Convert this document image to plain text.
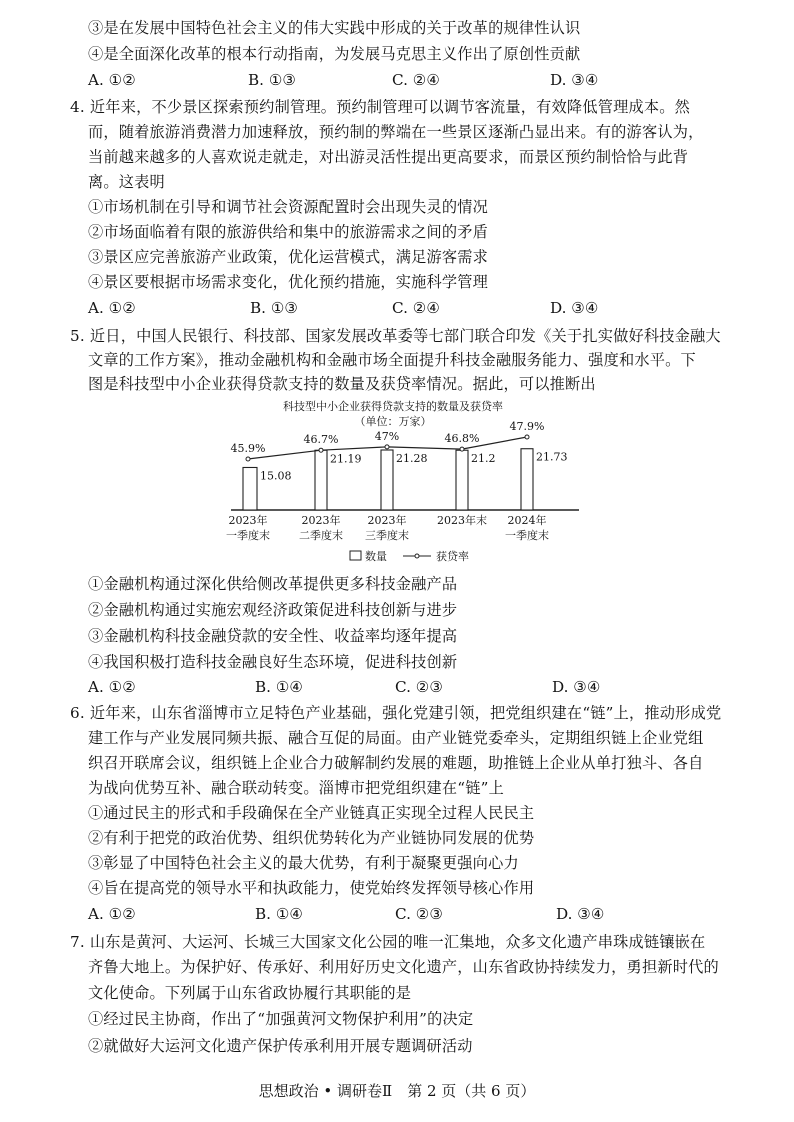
③是在发展中国特色社会主义的伟大实践中形成的关于改革的规律性认识
④是全面深化改革的根本行动指南，为发展马克思主义作出了原创性贡献
A. ①②	B. ①③	C. ②④	D. ③④
4. 近年来，不少景区探索预约制管理。预约制管理可以调节客流量，有效降低管理成本。然
而，随着旅游消费潜力加速释放，预约制的弊端在一些景区逐渐凸显出来。有的游客认为，
当前越来越多的人喜欢说走就走，对出游灵活性提出更高要求，而景区预约制恰恰与此背
离。这表明
①市场机制在引导和调节社会资源配置时会出现失灵的情况
②市场面临着有限的旅游供给和集中的旅游需求之间的矛盾
③景区应完善旅游产业政策，优化运营模式，满足游客需求
④景区要根据市场需求变化，优化预约措施，实施科学管理
A. ①②	B. ①③	C. ②④	D. ③④
5. 近日，中国人民银行、科技部、国家发展改革委等七部门联合印发《关于扎实做好科技金融大
文章的工作方案》，推动金融机构和金融市场全面提升科技金融服务能力、强度和水平。下
图是科技型中小企业获得贷款支持的数量及获贷率情况。据此，可以推断出
科技型中小企业获得贷款支持的数量及获贷率
（单位：万家）
15.08
21.19	21.28	21.2	21.73
45.9%
46.7%	47%	46.8%
47.9%
2023年
一季度末
2023年
二季度末
2023年
三季度末
2023年末 2024年
一季度末
数量	获贷率
①金融机构通过深化供给侧改革提供更多科技金融产品
②金融机构通过实施宏观经济政策促进科技创新与进步
③金融机构科技金融贷款的安全性、收益率均逐年提高
④我国积极打造科技金融良好生态环境，促进科技创新
A. ①②	B. ①④	C. ②③	D. ③④
6. 近年来，山东省淄博市立足特色产业基础，强化党建引领，把党组织建在“链”上，推动形成党
建工作与产业发展同频共振、融合互促的局面。由产业链党委牵头，定期组织链上企业党组
织召开联席会议，组织链上企业合力破解制约发展的难题，助推链上企业从单打独斗、各自
为战向优势互补、融合联动转变。淄博市把党组织建在“链”上
①通过民主的形式和手段确保在全产业链真正实现全过程人民民主
②有利于把党的政治优势、组织优势转化为产业链协同发展的优势
③彰显了中国特色社会主义的最大优势，有利于凝聚更强向心力
④旨在提高党的领导水平和执政能力，使党始终发挥领导核心作用
A. ①②	B. ①④	C. ②③	D. ③④
7. 山东是黄河、大运河、长城三大国家文化公园的唯一汇集地，众多文化遗产串珠成链镶嵌在
齐鲁大地上。为保护好、传承好、利用好历史文化遗产，山东省政协持续发力，勇担新时代的
文化使命。下列属于山东省政协履行其职能的是
①经过民主协商，作出了“加强黄河文物保护利用”的决定
②就做好大运河文化遗产保护传承利用开展专题调研活动
思想政治 • 调研卷Ⅱ　第 2 页（共 6 页）
